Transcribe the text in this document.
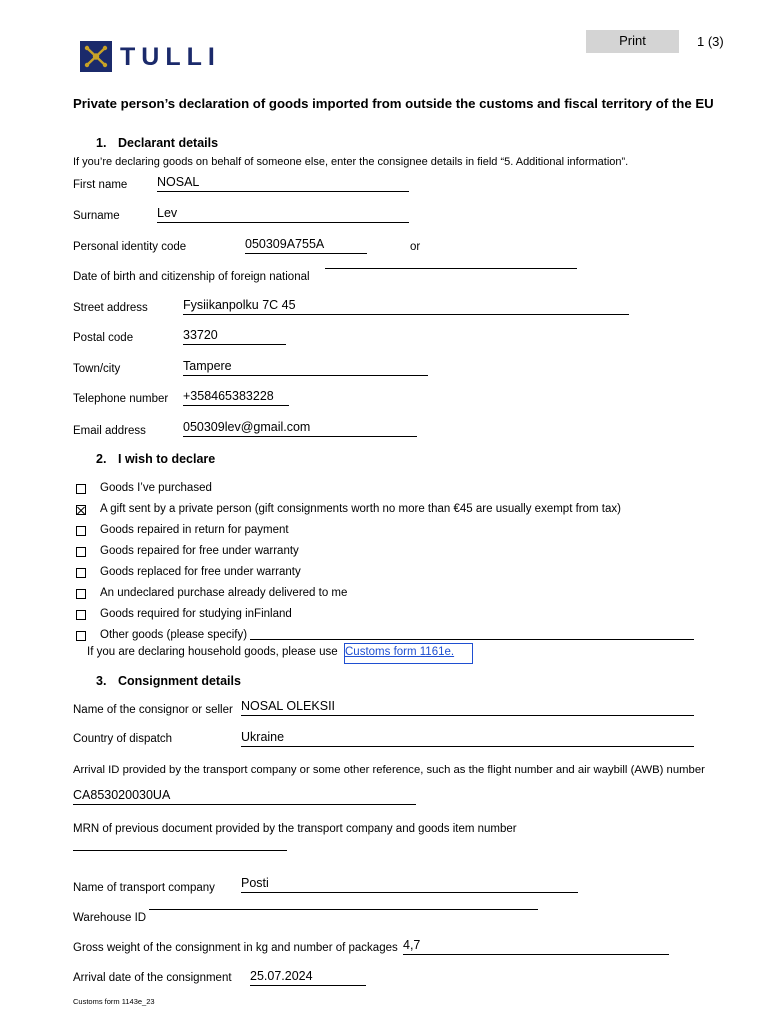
TULLI
Print	1 (3)
Private person’s declaration of goods imported from outside the customs and fiscal territory of the EU
1. Declarant details
If you’re declaring goods on behalf of someone else, enter the consignee details in field “5. Additional information”.
First name NOSAL
Surname	Lev
Personal identity code	050309A755A	or
Date of birth and citizenship of foreign national
Street address	Fysiikanpolku 7C 45
Postal code	33720
Town/city	Tampere
Telephone number +358465383228
Email address	050309lev@gmail.com
2. I wish to declare
Goods I’ve purchased
A gift sent by a private person (gift consignments worth no more than €45 are usually exempt from tax)
Goods repaired in return for payment
Goods repaired for free under warranty
Goods replaced for free under warranty
An undeclared purchase already delivered to me
Goods required for studying inFinland
Other goods (please specify)
If you are declaring household goods, please use Customs form 1161e.
3. Consignment details
Name of the consignor or seller NOSAL OLEKSII
Country of dispatch	Ukraine
Arrival ID provided by the transport company or some other reference, such as the flight number and air waybill (AWB) number
CA853020030UA
MRN of previous document provided by the transport company and goods item number
Name of transport company Posti
Warehouse ID
Gross weight of the consignment in kg and number of packages 4,7
Arrival date of the consignment 25.07.2024
Customs form 1143e_23
